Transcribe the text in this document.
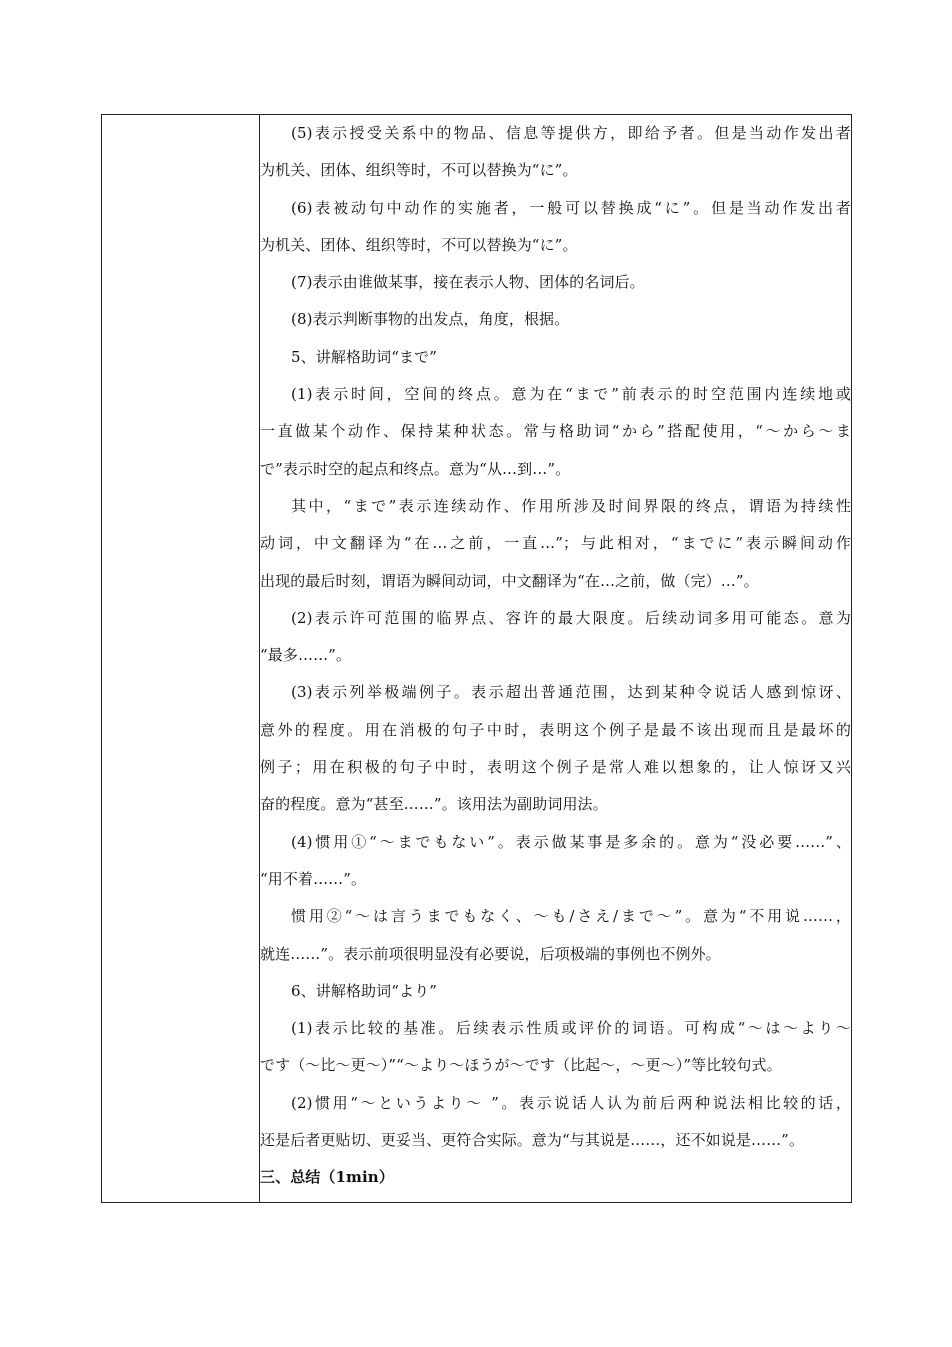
(5)表示授受关系中的物品、信息等提供方，即给予者。但是当动作发出者
为机关、团体、组织等时，不可以替换为“に”。
(6)表被动句中动作的实施者，一般可以替换成“に”。但是当动作发出者
为机关、团体、组织等时，不可以替换为“に”。
(7)表示由谁做某事，接在表示人物、团体的名词后。
(8)表示判断事物的出发点，角度，根据。
5、讲解格助词“まで”
(1)表示时间，空间的终点。意为在“まで”前表示的时空范围内连续地或
一直做某个动作、保持某种状态。常与格助词“から”搭配使用，“～から～ま
で”表示时空的起点和终点。意为“从…到…”。
其中，“まで”表示连续动作、作用所涉及时间界限的终点，谓语为持续性
动词，中文翻译为“在…之前，一直…”；与此相对，“までに”表示瞬间动作
出现的最后时刻，谓语为瞬间动词，中文翻译为“在…之前，做（完）…”。
(2)表示许可范围的临界点、容许的最大限度。后续动词多用可能态。意为
“最多……”。
(3)表示列举极端例子。表示超出普通范围，达到某种令说话人感到惊讶、
意外的程度。用在消极的句子中时，表明这个例子是最不该出现而且是最坏的
例子；用在积极的句子中时，表明这个例子是常人难以想象的，让人惊讶又兴
奋的程度。意为“甚至……”。该用法为副助词用法。
(4)惯用①“～までもない”。表示做某事是多余的。意为“没必要……”、
“用不着……”。
惯用②“～は言うまでもなく、～も/さえ/まで～”。意为“不用说……，
就连……”。表示前项很明显没有必要说，后项极端的事例也不例外。
6、讲解格助词“より”
(1)表示比较的基准。后续表示性质或评价的词语。可构成“～は～より～
です（～比～更～）”“～より～ほうが～です（比起～，～更～）”等比较句式。
(2)惯用“～というより～ ”。表示说话人认为前后两种说法相比较的话，
还是后者更贴切、更妥当、更符合实际。意为“与其说是……，还不如说是……”。
三、总结（1min）
